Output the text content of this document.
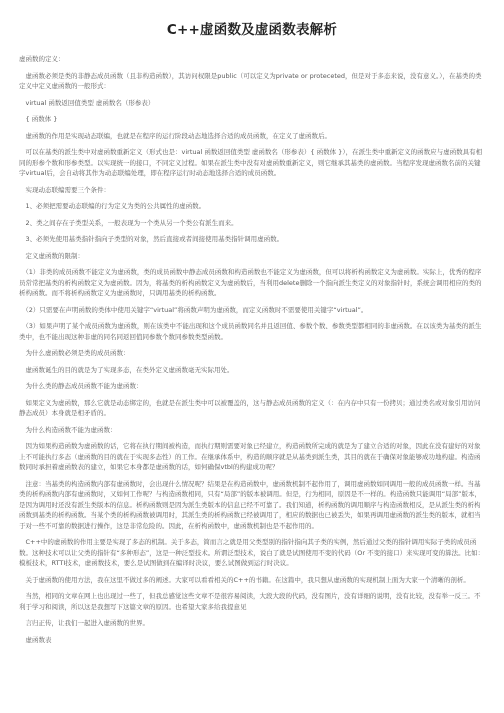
C++虚函数及虚函数表解析

虚函数的定义：

　虚函数必须是类的非静态成员函数（且非构造函数），其访问权限是public（可以定义为private or proteceted，但是对于多态来说，没有意义。），在基类的类定义中定义虚函数的一般形式：

　virtual 函数返回值类型 虚函数名（形参表）

　{ 函数体 }

　虚函数的作用是实现动态联编，也就是在程序的运行阶段动态地选择合适的成员函数，在定义了虚函数后。

　可以在基类的派生类中对虚函数重新定义（形式也是：virtual 函数返回值类型 虚函数名（形参表）{ 函数体 }），在派生类中重新定义的函数应与虚函数具有相同的形参个数和形参类型。以实现统一的接口，不同定义过程。如果在派生类中没有对虚函数重新定义，则它继承其基类的虚函数。当程序发现虚函数名前的关键字virtual后，会自动将其作为动态联编处理，即在程序运行时动态地选择合适的成员函数。

　实现动态联编需要三个条件：

　1、必须把需要动态联编的行为定义为类的公共属性的虚函数。

　2、类之间存在子类型关系，一般表现为一个类从另一个类公有派生而来。

　3、必须先使用基类指针指向子类型的对象，然后直接或者间接使用基类指针调用虚函数。

　定义虚函数的限制：

　（1）非类的成员函数不能定义为虚函数，类的成员函数中静态成员函数和构造函数也不能定义为虚函数，但可以将析构函数定义为虚函数。实际上，优秀的程序员常常把基类的析构函数定义为虚函数。因为，将基类的析构函数定义为虚函数后，当利用delete删除一个指向派生类定义的对象指针时，系统会调用相应的类的析构函数。而不将析构函数定义为虚函数时，只调用基类的析构函数。

　（2）只需要在声明函数的类体中使用关键字“virtual”将函数声明为虚函数，而定义函数时不需要使用关键字“virtual”。

　（3）如果声明了某个成员函数为虚函数，则在该类中不能出现和这个成员函数同名并且返回值、参数个数、参数类型都相同的非虚函数。在以该类为基类的派生类中，也不能出现这种非虚的同名同返回值同参数个数同参数类型函数。

　为什么虚函数必须是类的成员函数：

　虚函数诞生的目的就是为了实现多态，在类外定义虚函数毫无实际用处。

　为什么类的静态成员函数不能为虚函数：

　如果定义为虚函数，那么它就是动态绑定的，也就是在派生类中可以被覆盖的，这与静态成员函数的定义（：在内存中只有一份拷贝；通过类名或对象引用访问静态成员）本身就是相矛盾的。

　为什么构造函数不能为虚函数：

　因为如果构造函数为虚函数的话，它将在执行期间被构造，而执行期则需要对象已经建立，构造函数所完成的就是为了建立合适的对象，因此在没有建好的对象上不可能执行多态（虚函数的目的就在于实现多态性）的工作。在继承体系中，构造的顺序就是从基类到派生类，其目的就在于确保对象能够成功地构建。构造函数同时承担着虚函数表的建立，如果它本身都是虚函数的话，如何确保vtbl的构建成功呢？

　注意：当基类的构造函数内部有虚函数时，会出现什么情况呢？结果是在构造函数中，虚函数机制不起作用了，调用虚函数如同调用一般的成员函数一样。当基类的析构函数内部有虚函数时，又如何工作呢？与构造函数相同，只有“局部”的版本被调用。但是，行为相同，原因是不一样的。构造函数只能调用“局部”版本，是因为调用时还没有派生类版本的信息。析构函数则是因为派生类版本的信息已经不可靠了。我们知道，析构函数的调用顺序与构造函数相反，是从派生类的析构函数到基类的析构函数。当某个类的析构函数被调用时，其派生类的析构函数已经被调用了，相应的数据也已被丢失，如果再调用虚函数的派生类的版本，就相当于对一些不可靠的数据进行操作，这是非常危险的。因此，在析构函数中，虚函数机制也是不起作用的。

　C++中的虚函数的作用主要是实现了多态的机制。关于多态，简而言之就是用父类型别的指针指向其子类的实例，然后通过父类的指针调用实际子类的成员函数。这种技术可以让父类的指针有“多种形态”，这是一种泛型技术。所谓泛型技术，说白了就是试图使用不变的代码（Or 不变的接口）来实现可变的算法。比如：模板技术，RTTI技术，虚函数技术，要么是试图做到在编译时决议，要么试图做到运行时决议。

　关于虚函数的使用方法，我在这里不做过多的阐述。大家可以看看相关的C++的书籍。在这篇中，我只想从虚函数的实现机制上面为大家一个清晰的剖析。

　当然，相同的文章在网上也出现过一些了，但我总感觉这些文章不是很容易阅读，大段大段的代码，没有图片，没有详细的说明，没有比较，没有举一反三。不利于学习和阅读，所以这是我想写下这篇文章的原因。也希望大家多给我提意见

　言归正传，让我们一起进入虚函数的世界。

　虚函数表
